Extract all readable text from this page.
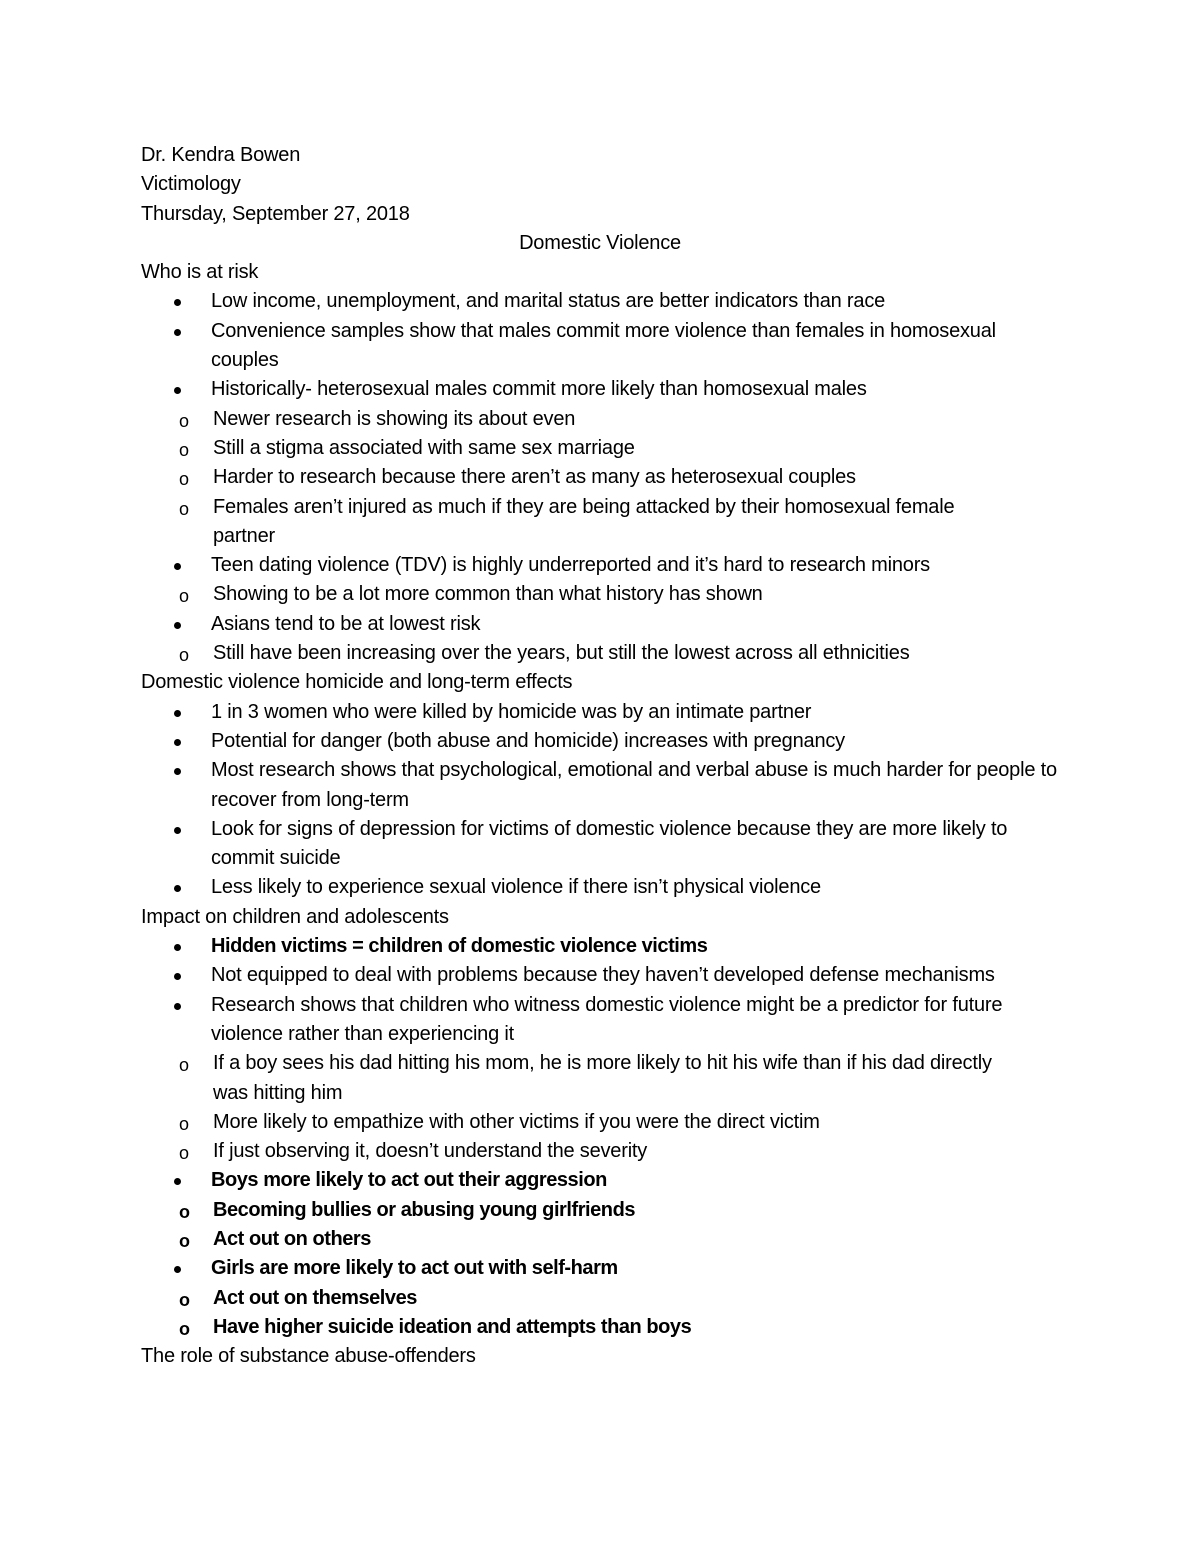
Dr. Kendra Bowen
Victimology
Thursday, September 27, 2018
Domestic Violence
Who is at risk
Low income, unemployment, and marital status are better indicators than race
Convenience samples show that males commit more violence than females in homosexual couples
Historically- heterosexual males commit more likely than homosexual males
o Newer research is showing its about even
o Still a stigma associated with same sex marriage
o Harder to research because there aren’t as many as heterosexual couples
o Females aren’t injured as much if they are being attacked by their homosexual female partner
Teen dating violence (TDV) is highly underreported and it’s hard to research minors
o Showing to be a lot more common than what history has shown
Asians tend to be at lowest risk
o Still have been increasing over the years, but still the lowest across all ethnicities
Domestic violence homicide and long-term effects
1 in 3 women who were killed by homicide was by an intimate partner
Potential for danger (both abuse and homicide) increases with pregnancy
Most research shows that psychological, emotional and verbal abuse is much harder for people to recover from long-term
Look for signs of depression for victims of domestic violence because they are more likely to commit suicide
Less likely to experience sexual violence if there isn’t physical violence
Impact on children and adolescents
Hidden victims = children of domestic violence victims
Not equipped to deal with problems because they haven’t developed defense mechanisms
Research shows that children who witness domestic violence might be a predictor for future violence rather than experiencing it
o If a boy sees his dad hitting his mom, he is more likely to hit his wife than if his dad directly was hitting him
o More likely to empathize with other victims if you were the direct victim
o If just observing it, doesn’t understand the severity
Boys more likely to act out their aggression
o Becoming bullies or abusing young girlfriends
o Act out on others
Girls are more likely to act out with self-harm
o Act out on themselves
o Have higher suicide ideation and attempts than boys
The role of substance abuse-offenders
